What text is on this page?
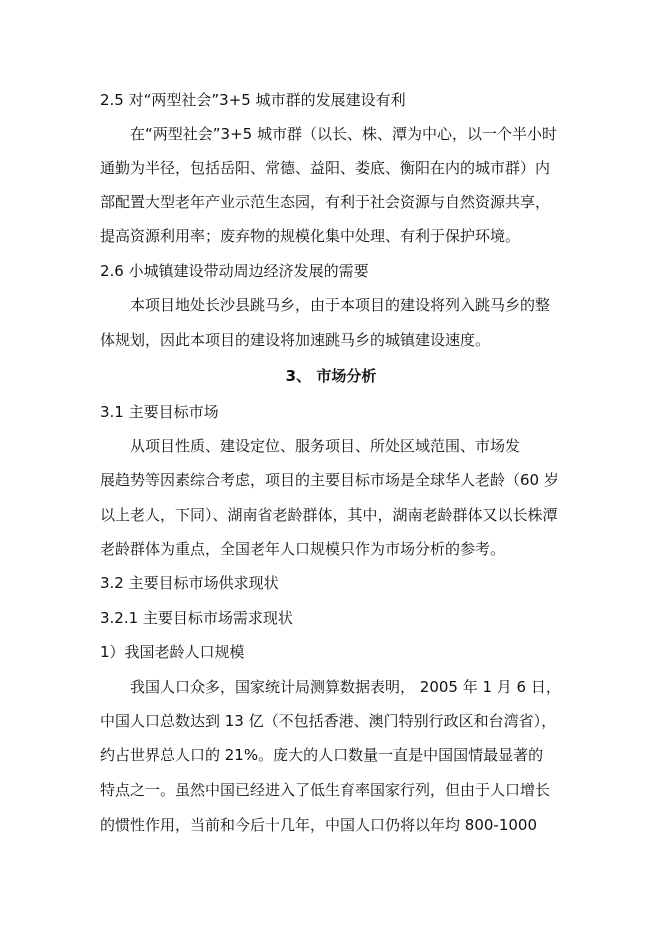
2.5 对“两型社会”3+5 城市群的发展建设有利
在“两型社会”3+5 城市群（以长、株、潭为中心，以一个半小时
通勤为半径，包括岳阳、常德、益阳、娄底、衡阳在内的城市群）内
部配置大型老年产业示范生态园，有利于社会资源与自然资源共享，
提高资源利用率；废弃物的规模化集中处理、有利于保护环境。
2.6 小城镇建设带动周边经济发展的需要
本项目地处长沙县跳马乡，由于本项目的建设将列入跳马乡的整
体规划，因此本项目的建设将加速跳马乡的城镇建设速度。
3、 市场分析
3.1 主要目标市场
从项目性质、建设定位、服务项目、所处区域范围、市场发
展趋势等因素综合考虑，项目的主要目标市场是全球华人老龄（60 岁
以上老人，下同）、湖南省老龄群体，其中，湖南老龄群体又以长株潭
老龄群体为重点，全国老年人口规模只作为市场分析的参考。
3.2 主要目标市场供求现状
3.2.1 主要目标市场需求现状
1）我国老龄人口规模
我国人口众多，国家统计局测算数据表明， 2005 年 1 月 6 日，
中国人口总数达到 13 亿（不包括香港、澳门特别行政区和台湾省），
约占世界总人口的 21%。庞大的人口数量一直是中国国情最显著的
特点之一。虽然中国已经进入了低生育率国家行列，但由于人口增长
的惯性作用，当前和今后十几年，中国人口仍将以年均 800-1000
